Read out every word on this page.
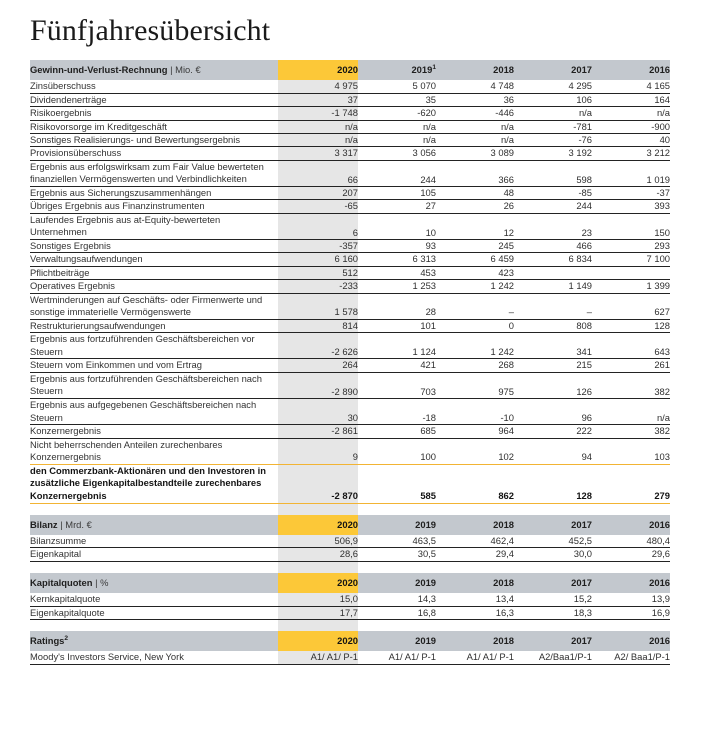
Fünfjahresübersicht
Gewinn-und-Verlust-Rechnung | Mio. €	2020	2019$^1$	2018	2017	2016	
Zinsüberschuss	4 975	5 070	4 748	4 295	4 165	
Dividendenerträge	37	35	36	106	164	
Risikoergebnis	-1 748	-620	-446	n/a	n/a	
Risikovorsorge im Kreditgeschäft	n/a	n/a	n/a	-781	-900	
Sonstiges Realisierungs- und Bewertungsergebnis	n/a	n/a	n/a	-76	40	
Provisionsüberschuss	3 317	3 056	3 089	3 192	3 212	
Ergebnis aus erfolgswirksam zum Fair Value bewerteten finanziellen Vermögenswerten und Verbindlichkeiten	66	244	366	598	1 019	
Ergebnis aus Sicherungszusammenhängen	207	105	48	-85	-37	
Übriges Ergebnis aus Finanzinstrumenten	-65	27	26	244	393	
Laufendes Ergebnis aus at-Equity-bewerteten Unternehmen	6	10	12	23	150	
Sonstiges Ergebnis	-357	93	245	466	293	
Verwaltungsaufwendungen	6 160	6 313	6 459	6 834	7 100	
Pflichtbeiträge	512	453	423			
Operatives Ergebnis	-233	1 253	1 242	1 149	1 399	
Wertminderungen auf Geschäfts- oder Firmenwerte und sonstige immaterielle Vermögenswerte	1 578	28	–	–	627	
Restrukturierungsaufwendungen	814	101	0	808	128	
Ergebnis aus fortzuführenden Geschäftsbereichen vor Steuern	-2 626	1 124	1 242	341	643	
Steuern vom Einkommen und vom Ertrag	264	421	268	215	261	
Ergebnis aus fortzuführenden Geschäftsbereichen nach Steuern	-2 890	703	975	126	382	
Ergebnis aus aufgegebenen Geschäftsbereichen nach Steuern	30	-18	-10	96	n/a	
Konzernergebnis	-2 861	685	964	222	382	
Nicht beherrschenden Anteilen zurechenbares Konzernergebnis	9	100	102	94	103	
den Commerzbank-Aktionären und den Investoren in zusätzliche Eigenkapitalbestandteile zurechenbares Konzernergebnis	-2 870	585	862	128	279	

Bilanz | Mrd. €	2020	2019	2018	2017	2016	
Bilanzsumme	506,9	463,5	462,4	452,5	480,4	
Eigenkapital	28,6	30,5	29,4	30,0	29,6	

Kapitalquoten | %	2020	2019	2018	2017	2016	
Kernkapitalquote	15,0	14,3	13,4	15,2	13,9	
Eigenkapitalquote	17,7	16,8	16,3	18,3	16,9	

Ratings$^2$	2020	2019	2018	2017	2016	
Moody's Investors Service, New York	A1/ A1/ P-1	A1/ A1/ P-1	A1/ A1/ P-1	A2/Baa1/P-1	A2/ Baa1/P-1	
